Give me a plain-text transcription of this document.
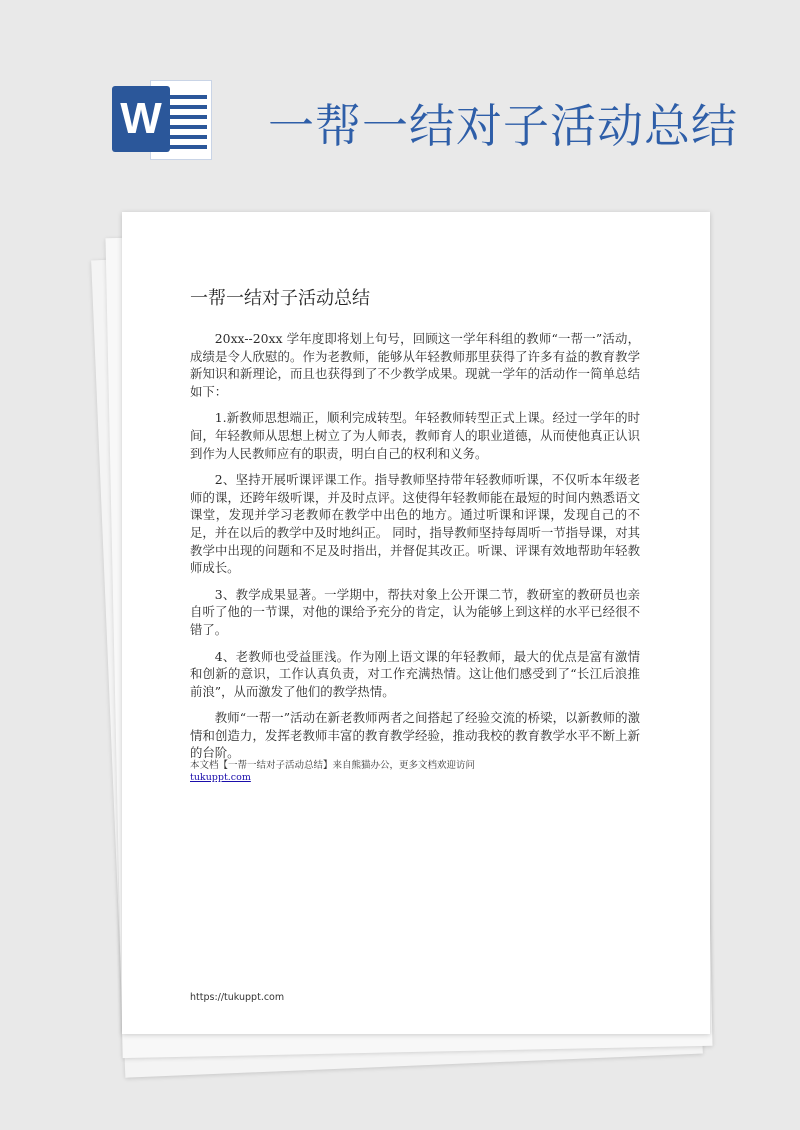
W 一帮一结对子活动总结
一帮一结对子活动总结

20xx--20xx 学年度即将划上句号，回顾这一学年科组的教师“一帮一”活动，成绩是令人欣慰的。作为老教师，能够从年轻教师那里获得了许多有益的教育教学新知识和新理论，而且也获得到了不少教学成果。现就一学年的活动作一简单总结如下：

1.新教师思想端正，顺利完成转型。年轻教师转型正式上课。经过一学年的时间，年轻教师从思想上树立了为人师表，教师育人的职业道德，从而使他真正认识到作为人民教师应有的职责，明白自己的权利和义务。

2、坚持开展听课评课工作。指导教师坚持带年轻教师听课，不仅听本年级老师的课，还跨年级听课，并及时点评。这使得年轻教师能在最短的时间内熟悉语文课堂，发现并学习老教师在教学中出色的地方。通过听课和评课，发现自己的不足，并在以后的教学中及时地纠正。 同时，指导教师坚持每周听一节指导课，对其教学中出现的问题和不足及时指出，并督促其改正。听课、评课有效地帮助年轻教师成长。

3、教学成果显著。一学期中，帮扶对象上公开课二节，教研室的教研员也亲自听了他的一节课，对他的课给予充分的肯定，认为能够上到这样的水平已经很不错了。

4、老教师也受益匪浅。作为刚上语文课的年轻教师，最大的优点是富有激情和创新的意识，工作认真负责，对工作充满热情。这让他们感受到了“长江后浪推前浪”，从而激发了他们的教学热情。

教师“一帮一”活动在新老教师两者之间搭起了经验交流的桥梁，以新教师的激情和创造力，发挥老教师丰富的教育教学经验，推动我校的教育教学水平不断上新的台阶。

本文档【一帮一结对子活动总结】来自熊猫办公，更多文档欢迎访问
tukuppt.com
https://tukuppt.com
